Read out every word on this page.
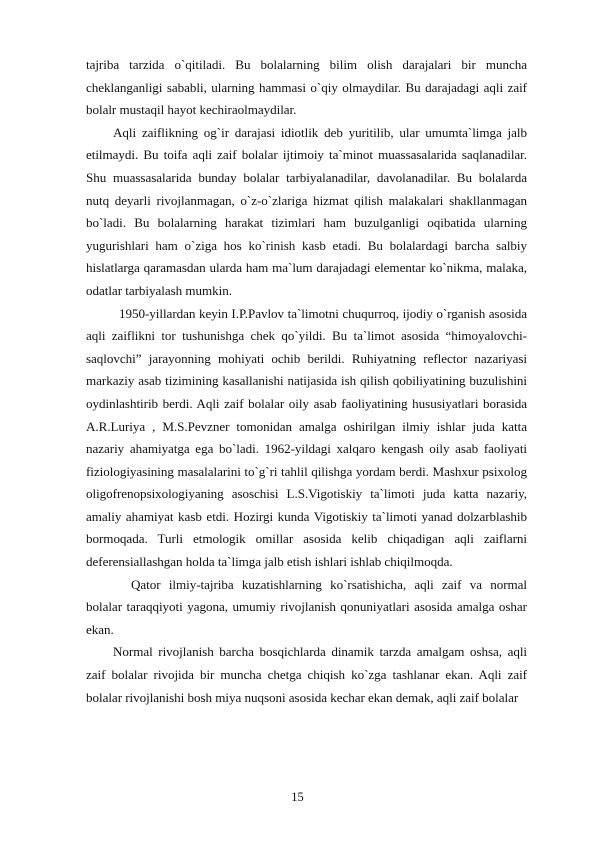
tajriba tarzida o`qitiladi. Bu bolalarning bilim olish darajalari bir muncha cheklanganligi sababli, ularning hammasi o`qiy olmaydilar. Bu darajadagi aqli zaif bolalr mustaqil hayot kechiraolmaydilar.

Aqli zaiflikning og`ir darajasi idiotlik deb yuritilib, ular umumta`limga jalb etilmaydi. Bu toifa aqli zaif bolalar ijtimoiy ta`minot muassasalarida saqlanadilar. Shu muassasalarida bunday bolalar tarbiyalanadilar, davolanadilar. Bu bolalarda nutq deyarli rivojlanmagan, o`z-o`zlariga hizmat qilish malakalari shakllanmagan bo`ladi. Bu bolalarning harakat tizimlari ham buzulganligi oqibatida ularning yugurishlari ham o`ziga hos ko`rinish kasb etadi. Bu bolalardagi barcha salbiy hislatlarga qaramasdan ularda ham ma`lum darajadagi elementar ko`nikma, malaka, odatlar tarbiyalash mumkin.

1950-yillardan keyin I.P.Pavlov ta`limotni chuqurroq, ijodiy o`rganish asosida aqli zaiflikni tor tushunishga chek qo`yildi. Bu ta`limot asosida “himoyalovchi-saqlovchi” jarayonning mohiyati ochib berildi. Ruhiyatning reflector nazariyasi markaziy asab tizimining kasallanishi natijasida ish qilish qobiliyatining buzulishini oydinlashtirib berdi. Aqli zaif bolalar oily asab faoliyatining hususiyatlari borasida A.R.Luriya , M.S.Pevzner tomonidan amalga oshirilgan ilmiy ishlar juda katta nazariy ahamiyatga ega bo`ladi. 1962-yildagi xalqaro kengash oily asab faoliyati fiziologiyasining masalalarini to`g`ri tahlil qilishga yordam berdi. Mashxur psixolog oligofrenopsixologiyaning asoschisi L.S.Vigotiskiy ta`limoti juda katta nazariy, amaliy ahamiyat kasb etdi. Hozirgi kunda Vigotiskiy ta`limoti yanad dolzarblashib bormoqada. Turli etmologik omillar asosida kelib chiqadigan aqli zaiflarni deferensiallashgan holda ta`limga jalb etish ishlari ishlab chiqilmoqda.

Qator ilmiy-tajriba kuzatishlarning ko`rsatishicha, aqli zaif va normal bolalar taraqqiyoti yagona, umumiy rivojlanish qonuniyatlari asosida amalga oshar ekan.

Normal rivojlanish barcha bosqichlarda dinamik tarzda amalgam oshsa, aqli zaif bolalar rivojida bir muncha chetga chiqish ko`zga tashlanar ekan. Aqli zaif bolalar rivojlanishi bosh miya nuqsoni asosida kechar ekan demak, aqli zaif bolalar

15
